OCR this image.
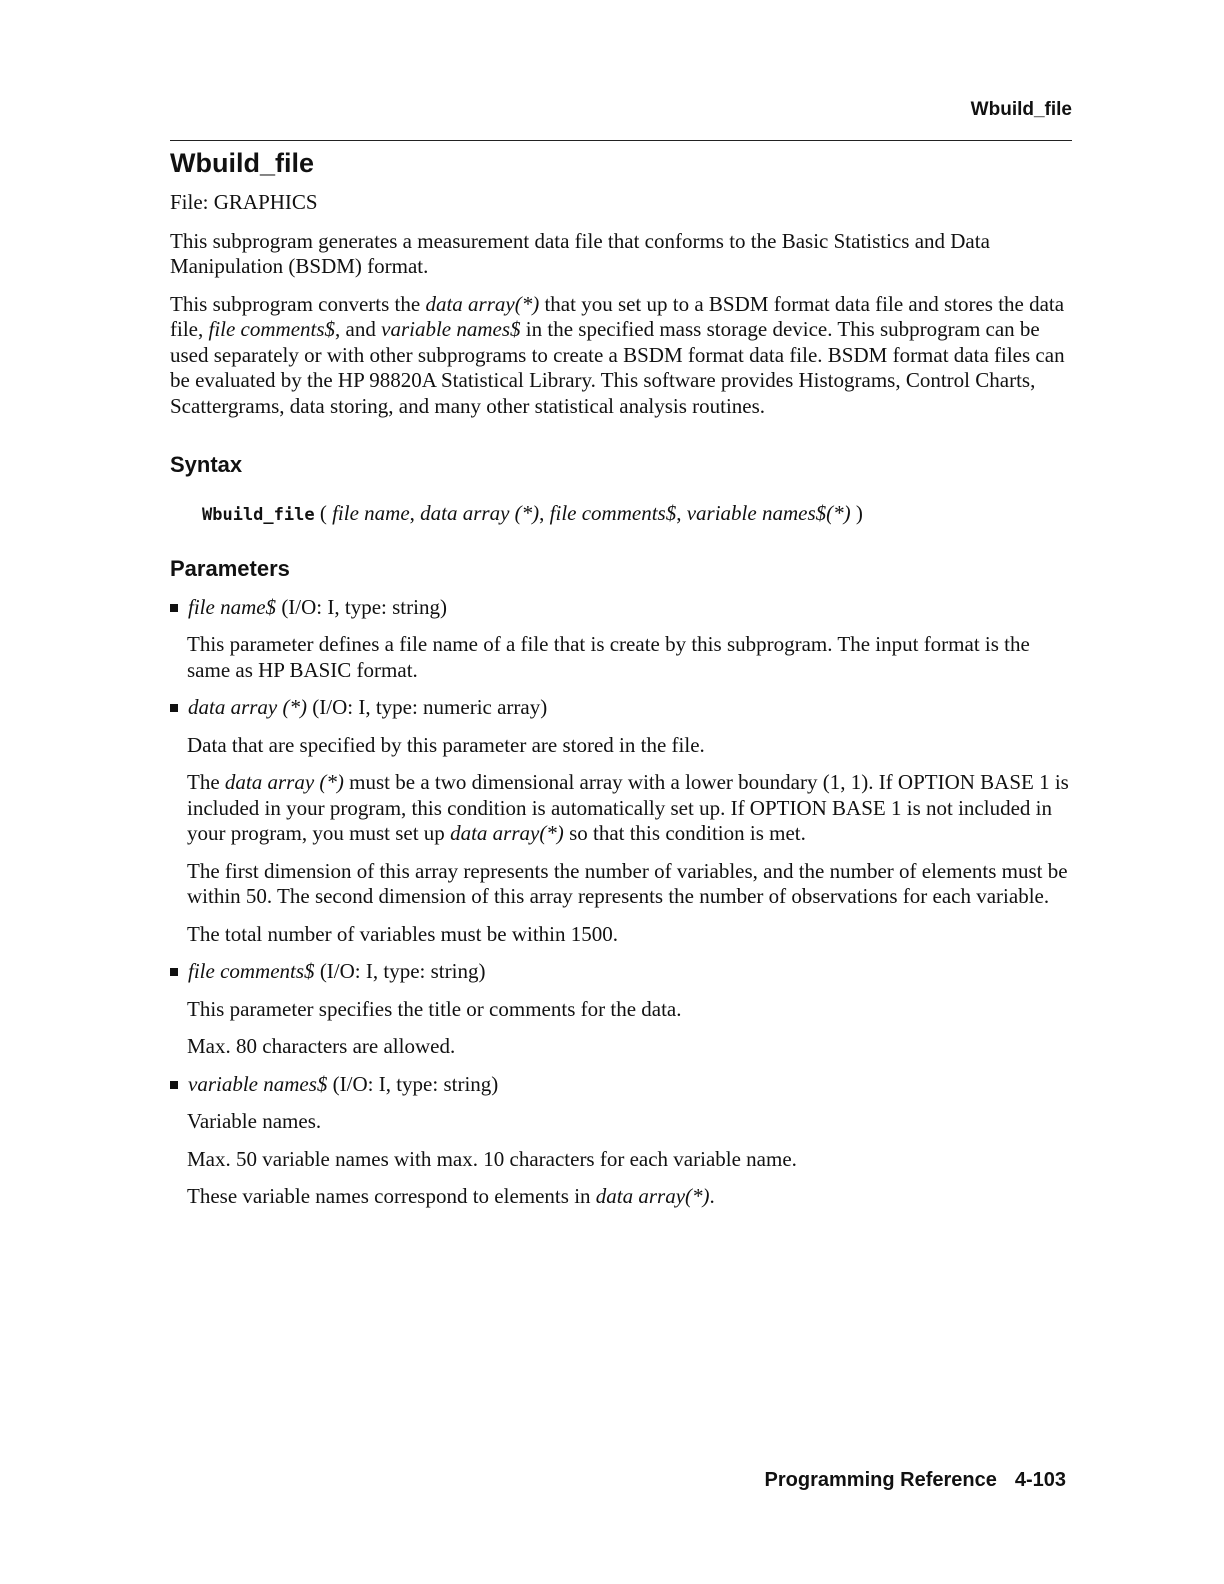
Wbuild_file
Wbuild_file

File: GRAPHICS

This subprogram generates a measurement data file that conforms to the Basic Statistics and Data Manipulation (BSDM) format.

This subprogram converts the data array(*) that you set up to a BSDM format data file and stores the data file, file comments$, and variable names$ in the specified mass storage device. This subprogram can be used separately or with other subprograms to create a BSDM format data file. BSDM format data files can be evaluated by the HP 98820A Statistical Library. This software provides Histograms, Control Charts, Scattergrams, data storing, and many other statistical analysis routines.

Syntax
Wbuild_file ( file name, data array (*), file comments$, variable names$(*) )
Parameters
file name$ (I/O: I, type: string)

This parameter defines a file name of a file that is create by this subprogram. The input format is the same as HP BASIC format.

data array (*) (I/O: I, type: numeric array)

Data that are specified by this parameter are stored in the file.

The data array (*) must be a two dimensional array with a lower boundary (1, 1). If OPTION BASE 1 is included in your program, this condition is automatically set up. If OPTION BASE 1 is not included in your program, you must set up data array(*) so that this condition is met.

The first dimension of this array represents the number of variables, and the number of elements must be within 50. The second dimension of this array represents the number of observations for each variable.

The total number of variables must be within 1500.

file comments$ (I/O: I, type: string)

This parameter specifies the title or comments for the data.

Max. 80 characters are allowed.

variable names$ (I/O: I, type: string)

Variable names.

Max. 50 variable names with max. 10 characters for each variable name.

These variable names correspond to elements in data array(*).

Programming Reference 4-103
